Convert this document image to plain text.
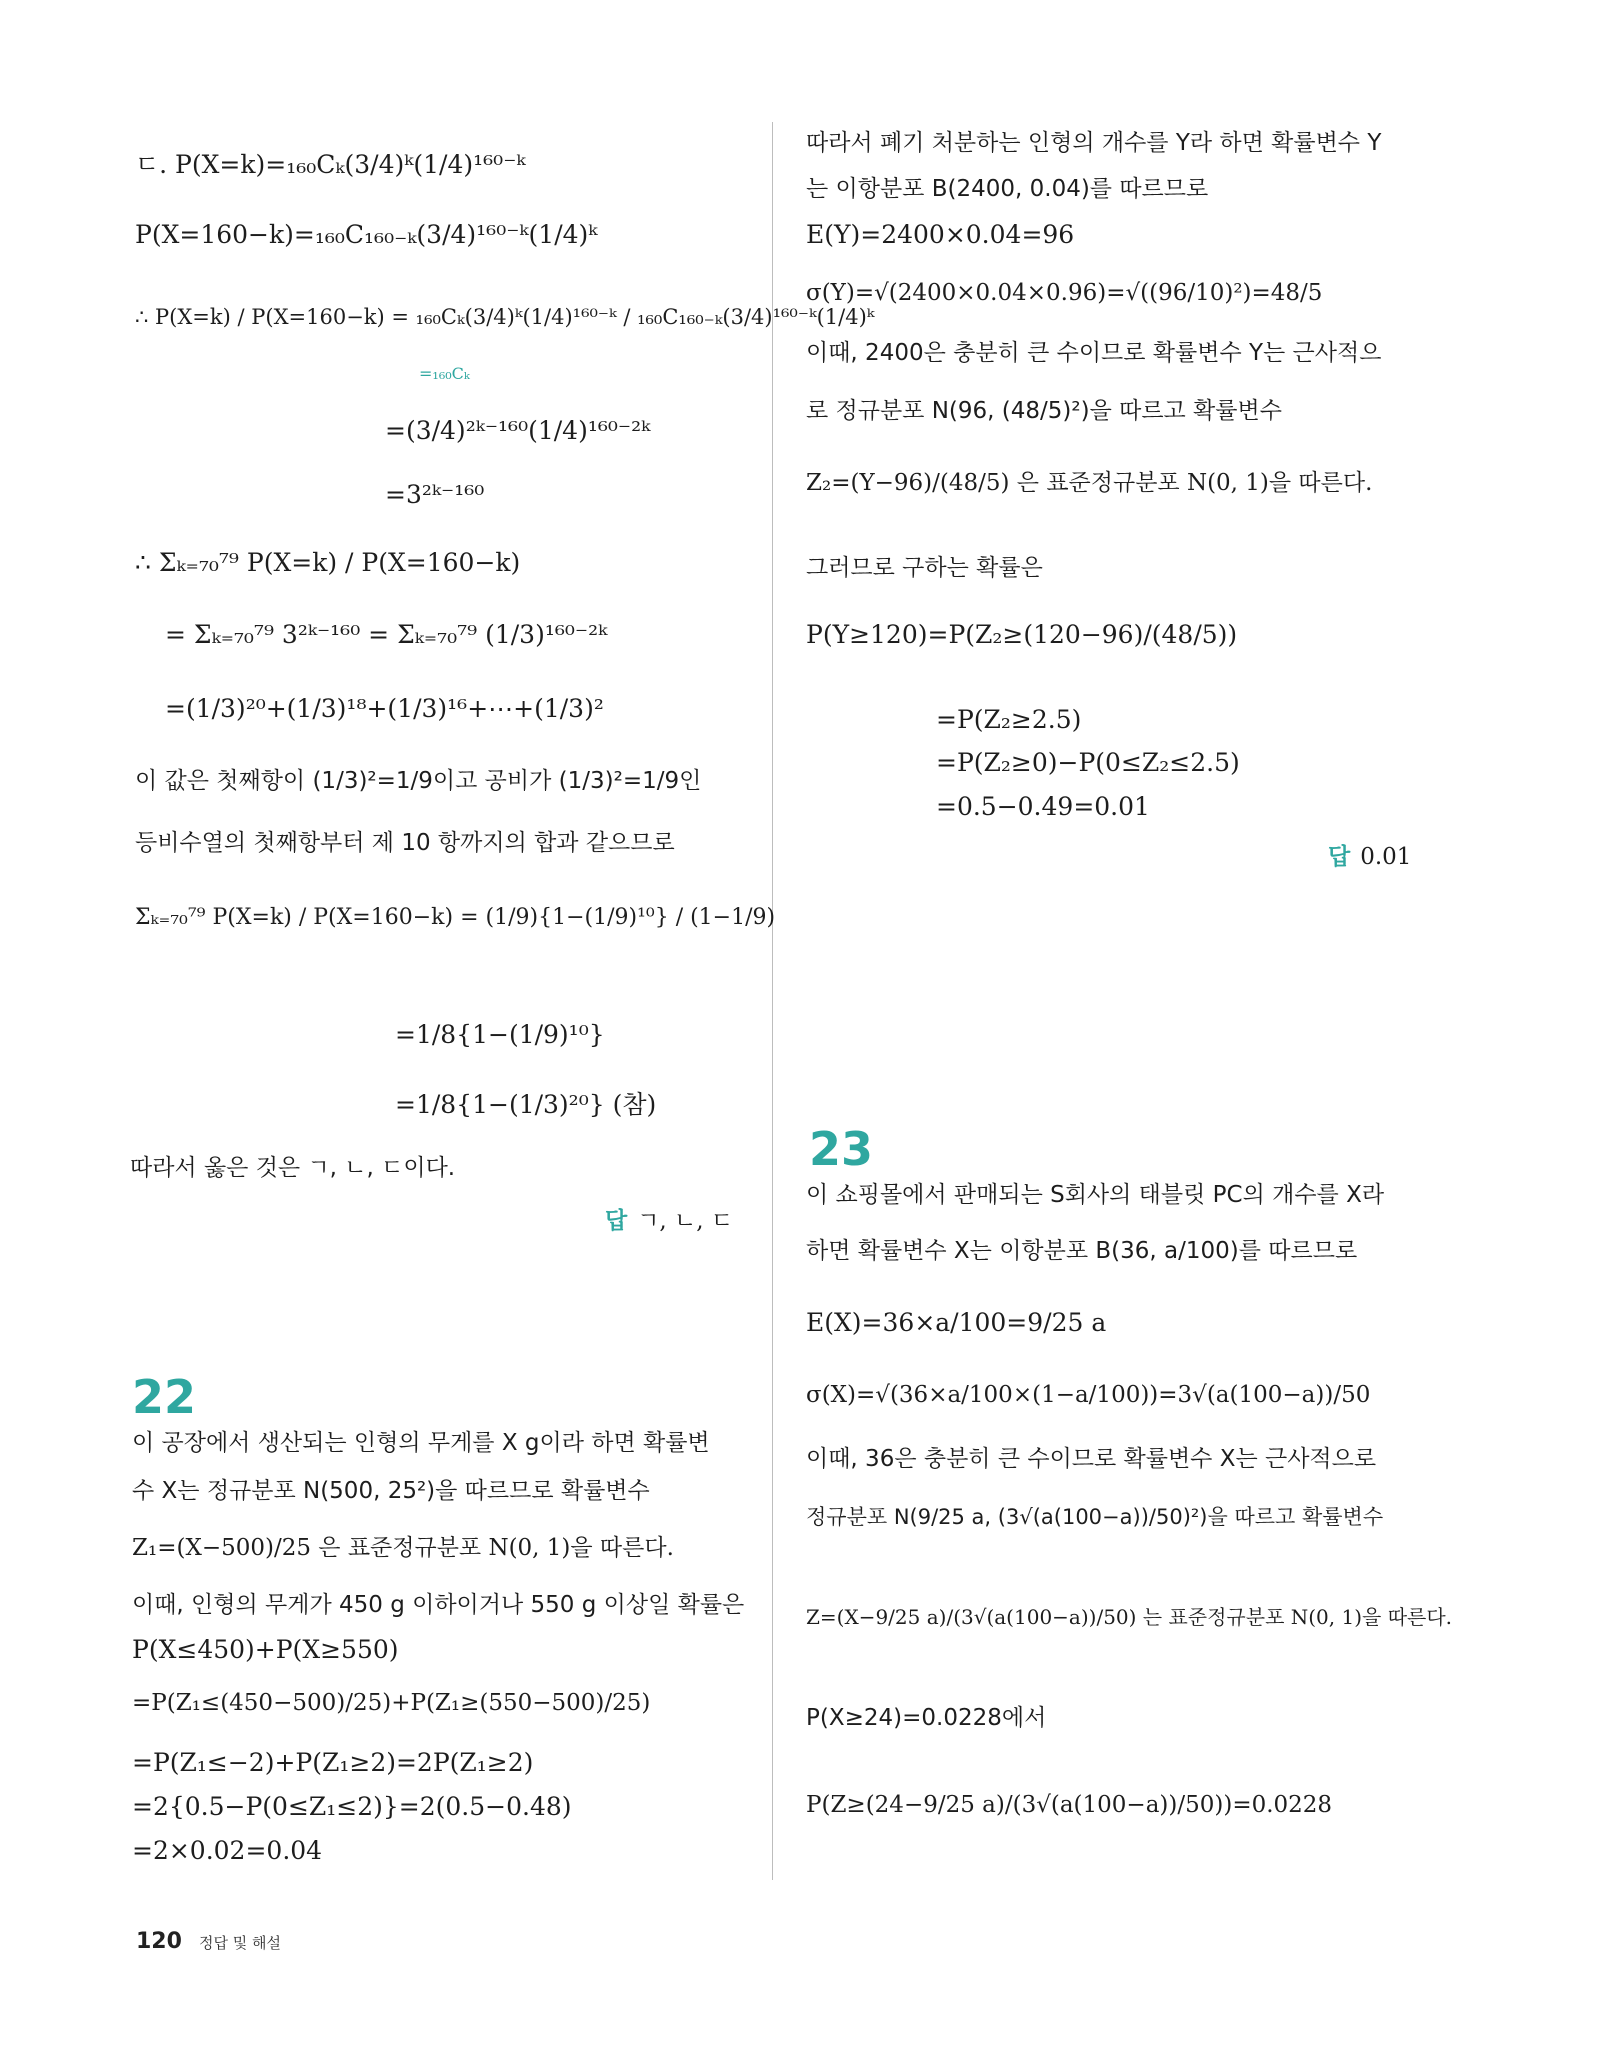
ㄷ. P(X=k)=₁₆₀Cₖ(3/4)ᵏ(1/4)¹⁶⁰⁻ᵏ
P(X=160−k)=₁₆₀C₁₆₀₋ₖ(3/4)¹⁶⁰⁻ᵏ(1/4)ᵏ
∴ P(X=k) / P(X=160−k) = ₁₆₀Cₖ(3/4)ᵏ(1/4)¹⁶⁰⁻ᵏ / ₁₆₀C₁₆₀₋ₖ(3/4)¹⁶⁰⁻ᵏ(1/4)ᵏ
=₁₆₀Cₖ
=(3/4)²ᵏ⁻¹⁶⁰(1/4)¹⁶⁰⁻²ᵏ
=3²ᵏ⁻¹⁶⁰
∴ Σₖ₌₇₀⁷⁹ P(X=k) / P(X=160−k)
= Σₖ₌₇₀⁷⁹ 3²ᵏ⁻¹⁶⁰ = Σₖ₌₇₀⁷⁹ (1/3)¹⁶⁰⁻²ᵏ
=(1/3)²⁰+(1/3)¹⁸+(1/3)¹⁶+⋯+(1/3)²
이 값은 첫째항이 (1/3)²=1/9이고 공비가 (1/3)²=1/9인
등비수열의 첫째항부터 제 10 항까지의 합과 같으므로
Σₖ₌₇₀⁷⁹ P(X=k) / P(X=160−k) = (1/9){1−(1/9)¹⁰} / (1−1/9)
=1/8{1−(1/9)¹⁰}
=1/8{1−(1/3)²⁰} (참)
따라서 옳은 것은 ㄱ, ㄴ, ㄷ이다.
답 ㄱ, ㄴ, ㄷ
22
이 공장에서 생산되는 인형의 무게를 X g이라 하면 확률변
수 X는 정규분포 N(500, 25²)을 따르므로 확률변수
Z₁=(X−500)/25 은 표준정규분포 N(0, 1)을 따른다.
이때, 인형의 무게가 450 g 이하이거나 550 g 이상일 확률은
P(X≤450)+P(X≥550)
=P(Z₁≤(450−500)/25)+P(Z₁≥(550−500)/25)
=P(Z₁≤−2)+P(Z₁≥2)=2P(Z₁≥2)
=2{0.5−P(0≤Z₁≤2)}=2(0.5−0.48)
=2×0.02=0.04
따라서 폐기 처분하는 인형의 개수를 Y라 하면 확률변수 Y
는 이항분포 B(2400, 0.04)를 따르므로
E(Y)=2400×0.04=96
σ(Y)=√(2400×0.04×0.96)=√((96/10)²)=48/5
이때, 2400은 충분히 큰 수이므로 확률변수 Y는 근사적으
로 정규분포 N(96, (48/5)²)을 따르고 확률변수
Z₂=(Y−96)/(48/5) 은 표준정규분포 N(0, 1)을 따른다.
그러므로 구하는 확률은
P(Y≥120)=P(Z₂≥(120−96)/(48/5))
=P(Z₂≥2.5)
=P(Z₂≥0)−P(0≤Z₂≤2.5)
=0.5−0.49=0.01
답 0.01
23
이 쇼핑몰에서 판매되는 S회사의 태블릿 PC의 개수를 X라
하면 확률변수 X는 이항분포 B(36, a/100)를 따르므로
E(X)=36×a/100=9/25 a
σ(X)=√(36×a/100×(1−a/100))=3√(a(100−a))/50
이때, 36은 충분히 큰 수이므로 확률변수 X는 근사적으로
정규분포 N(9/25 a, (3√(a(100−a))/50)²)을 따르고 확률변수
Z=(X−9/25 a)/(3√(a(100−a))/50) 는 표준정규분포 N(0, 1)을 따른다.
P(X≥24)=0.0228에서
P(Z≥(24−9/25 a)/(3√(a(100−a))/50))=0.0228
120 정답 및 해설
